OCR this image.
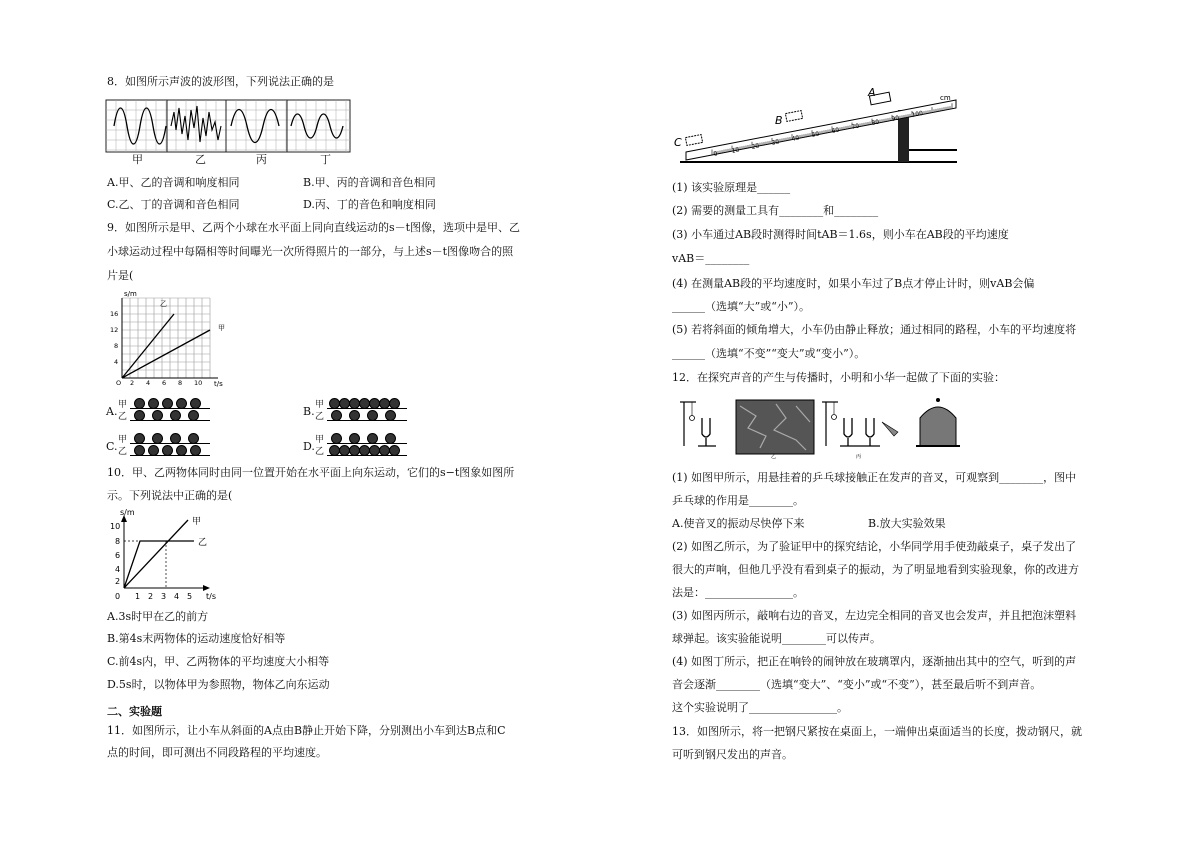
8．如图所示声波的波形图，下列说法正确的是
甲	乙	丙	丁
A.甲、乙的音调和响度相同	B.甲、丙的音调和音色相同
C.乙、丁的音调和音色相同	D.丙、丁的音色和响度相同
9．如图所示是甲、乙两个小球在水平面上同向直线运动的s－t图像，选项中是甲、乙
小球运动过程中每隔相等时间曝光一次所得照片的一部分，与上述s－t图像吻合的照
片是(
s/m
t/s
16
12
8
4
O 2 4 6 8 10
乙
甲
A.	B.
C.	D.
甲
乙
甲
乙
甲
乙
甲
乙
10．甲、乙两物体同时由同一位置开始在水平面上向东运动，它们的s−t图象如图所
示。下列说法中正确的是(
s/m
t/s
10
8
6
4
2
0 1 2 3 4 5
甲
乙
A.3s时甲在乙的前方
B.第4s末两物体的运动速度恰好相等
C.前4s内，甲、乙两物体的平均速度大小相等
D.5s时，以物体甲为参照物，物体乙向东运动
二、实验题
11．如图所示，让小车从斜面的A点由B静止开始下降，分别测出小车到达B点和C
点的时间，即可测出不同段路程的平均速度。
A
B
C
cm
0 10 20 30 40 50 60 70 80 90 100
(1) 该实验原理是______
(2) 需要的测量工具有________和________
(3) 小车通过AB段时测得时间tAB＝1.6s，则小车在AB段的平均速度
vAB＝________
(4) 在测量AB段的平均速度时，如果小车过了B点才停止计时，则vAB会偏
______（选填“大”或“小”）。
(5) 若将斜面的倾角增大，小车仍由静止释放；通过相同的路程，小车的平均速度将
______（选填“不变”“变大”或“变小”）。
12．在探究声音的产生与传播时，小明和小华一起做了下面的实验：
乙	丙
(1) 如图甲所示，用悬挂着的乒乓球接触正在发声的音叉，可观察到________，图中
乒乓球的作用是________。
A.使音叉的振动尽快停下来	B.放大实验效果
(2) 如图乙所示，为了验证甲中的探究结论，小华同学用手使劲敲桌子，桌子发出了
很大的声响，但他几乎没有看到桌子的振动，为了明显地看到实验现象，你的改进方
法是：________________。
(3) 如图丙所示，敲响右边的音叉，左边完全相同的音叉也会发声，并且把泡沫塑料
球弹起。该实验能说明________可以传声。
(4) 如图丁所示，把正在响铃的闹钟放在玻璃罩内，逐渐抽出其中的空气，听到的声
音会逐渐________（选填“变大”、“变小”或“不变”），甚至最后听不到声音。
这个实验说明了________________。
13．如图所示，将一把钢尺紧按在桌面上，一端伸出桌面适当的长度，拨动钢尺，就
可听到钢尺发出的声音。
